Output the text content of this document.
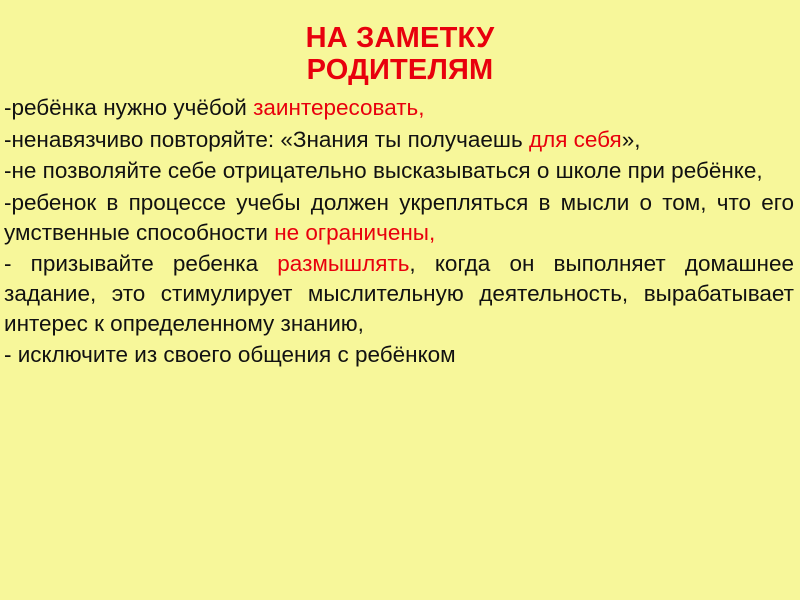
НА ЗАМЕТКУ
РОДИТЕЛЯМ

-ребёнка нужно учёбой заинтересовать,

-ненавязчиво повторяйте: «Знания ты получаешь для себя»,

-не позволяйте себе отрицательно высказываться о школе при ребёнке,

-ребенок в процессе учебы должен укрепляться в мысли о том, что его умственные способности не ограничены,

- призывайте ребенка размышлять, когда он выполняет домашнее задание, это стимулирует мыслительную деятельность, вырабатывает интерес к определенному знанию,

- исключите из своего общения с ребёнком
